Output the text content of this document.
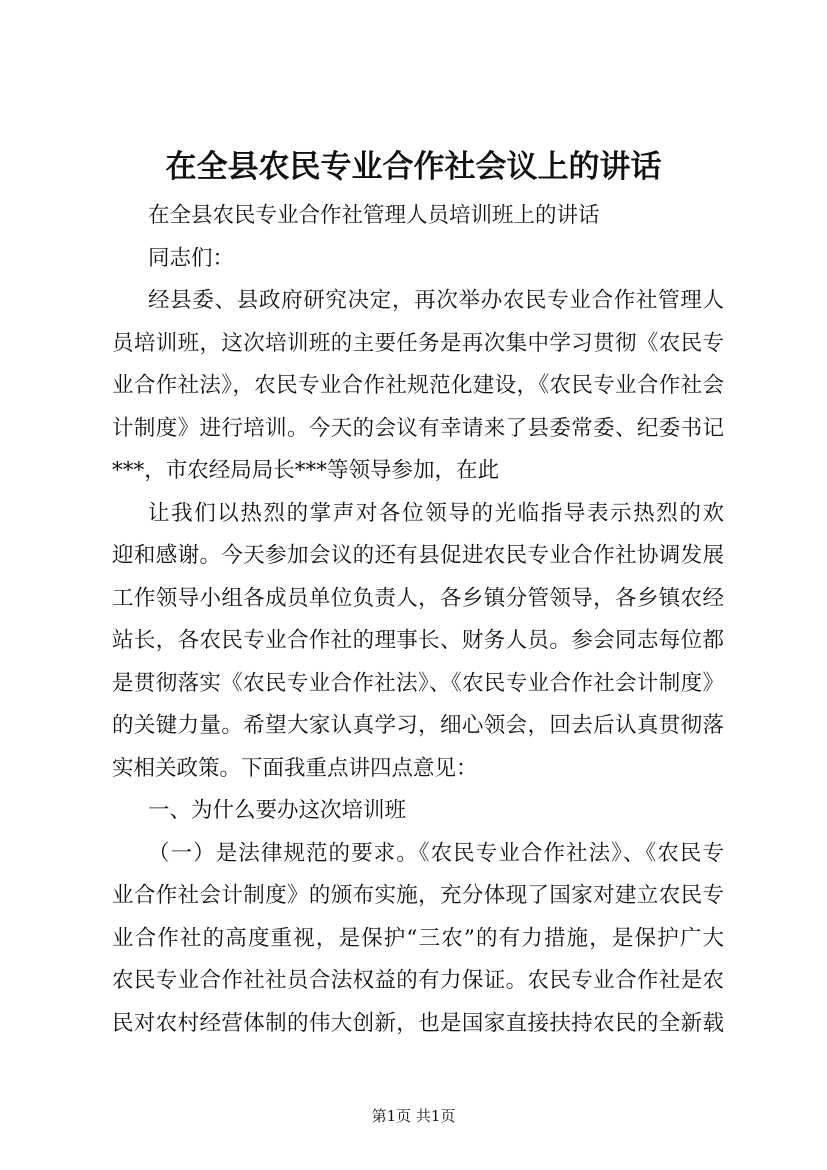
在全县农民专业合作社会议上的讲话
在全县农民专业合作社管理人员培训班上的讲话
同志们：
经县委、县政府研究决定，再次举办农民专业合作社管理人
员培训班，这次培训班的主要任务是再次集中学习贯彻《农民专
业合作社法》，农民专业合作社规范化建设，《农民专业合作社会
计制度》进行培训。今天的会议有幸请来了县委常委、纪委书记
***，市农经局局长***等领导参加，在此
让我们以热烈的掌声对各位领导的光临指导表示热烈的欢
迎和感谢。今天参加会议的还有县促进农民专业合作社协调发展
工作领导小组各成员单位负责人，各乡镇分管领导，各乡镇农经
站长，各农民专业合作社的理事长、财务人员。参会同志每位都
是贯彻落实《农民专业合作社法》、《农民专业合作社会计制度》
的关键力量。希望大家认真学习，细心领会，回去后认真贯彻落
实相关政策。下面我重点讲四点意见：
一、为什么要办这次培训班
（一）是法律规范的要求。《农民专业合作社法》、《农民专
业合作社会计制度》的颁布实施，充分体现了国家对建立农民专
业合作社的高度重视，是保护“三农”的有力措施，是保护广大
农民专业合作社社员合法权益的有力保证。农民专业合作社是农
民对农村经营体制的伟大创新，也是国家直接扶持农民的全新载
第1页 共1页
